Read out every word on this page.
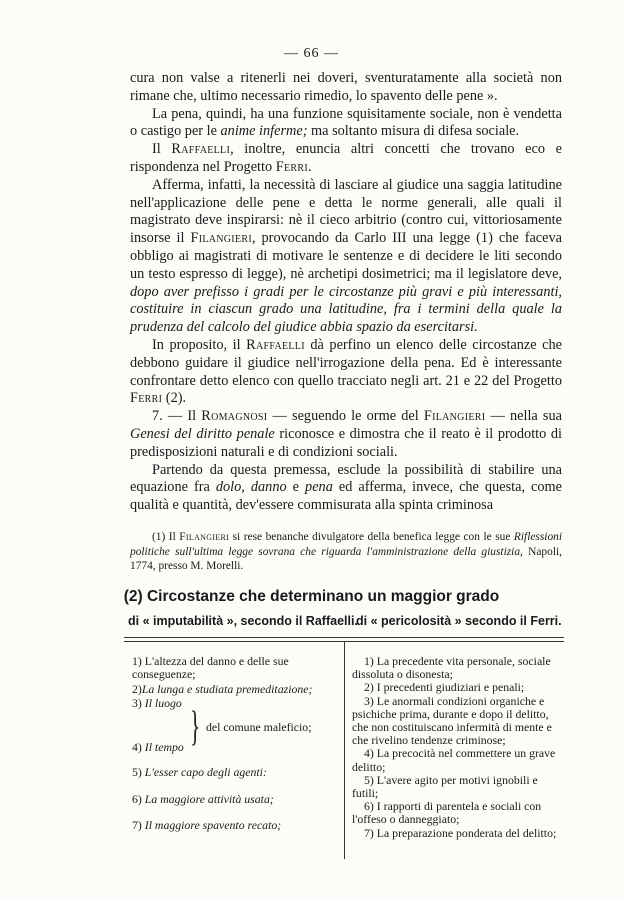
— 66 —

cura non valse a ritenerli nei doveri, sventuratamente alla società non rimane che, ultimo necessario rimedio, lo spavento delle pene ».

La pena, quindi, ha una funzione squisitamente sociale, non è vendetta o castigo per le anime inferme; ma soltanto misura di difesa sociale.

Il Raffaelli, inoltre, enuncia altri concetti che trovano eco e rispondenza nel Progetto Ferri.

Afferma, infatti, la necessità di lasciare al giudice una saggia latitudine nell'applicazione delle pene e detta le norme generali, alle quali il magistrato deve inspirarsi: nè il cieco arbitrio (contro cui, vittoriosamente insorse il Filangieri, provocando da Carlo III una legge (1) che faceva obbligo ai magistrati di motivare le sentenze e di decidere le liti secondo un testo espresso di legge), nè archetipi dosimetrici; ma il legislatore deve, dopo aver prefisso i gradi per le circostanze più gravi e più interessanti, costituire in ciascun grado una latitudine, fra i termini della quale la prudenza del calcolo del giudice abbia spazio da esercitarsi.

In proposito, il Raffaelli dà perfino un elenco delle circostanze che debbono guidare il giudice nell'irrogazione della pena. Ed è interessante confrontare detto elenco con quello tracciato negli art. 21 e 22 del Progetto Ferri (2).

7. — Il Romagnosi — seguendo le orme del Filangieri — nella sua Genesi del diritto penale riconosce e dimostra che il reato è il prodotto di predisposizioni naturali e di condizioni sociali.

Partendo da questa premessa, esclude la possibilità di stabilire una equazione fra dolo, danno e pena ed afferma, invece, che questa, come qualità e quantità, dev'essere commisurata alla spinta criminosa

(1) Il Filangieri si rese benanche divulgatore della benefica legge con le sue Riflessioni politiche sull'ultima legge sovrana che riguarda l'amministrazione della giustizia, Napoli, 1774, presso M. Morelli.

(2) Circostanze che determinano un maggior grado
di « imputabilità », secondo il Raffaelli.
di « pericolosità » secondo il Ferri.
1) L'altezza del danno e delle sue conseguenze;
2)La lunga e studiata premeditazione;
3) Il luogo
} del comune maleficio;
4) Il tempo
5) L'esser capo degli agenti:
6) La maggiore attività usata;
7) Il maggiore spavento recato;
1) La precedente vita personale, sociale dissoluta o disonesta;
2) I precedenti giudiziari e penali;
3) Le anormali condizioni organiche e psichiche prima, durante e dopo il delitto, che non costituiscano infermità di mente e che rivelino tendenze criminose;
4) La precocità nel commettere un grave delitto;
5) L'avere agito per motivi ignobili e futili;
6) I rapporti di parentela e sociali con l'offeso o danneggiato;
7) La preparazione ponderata del delitto;
